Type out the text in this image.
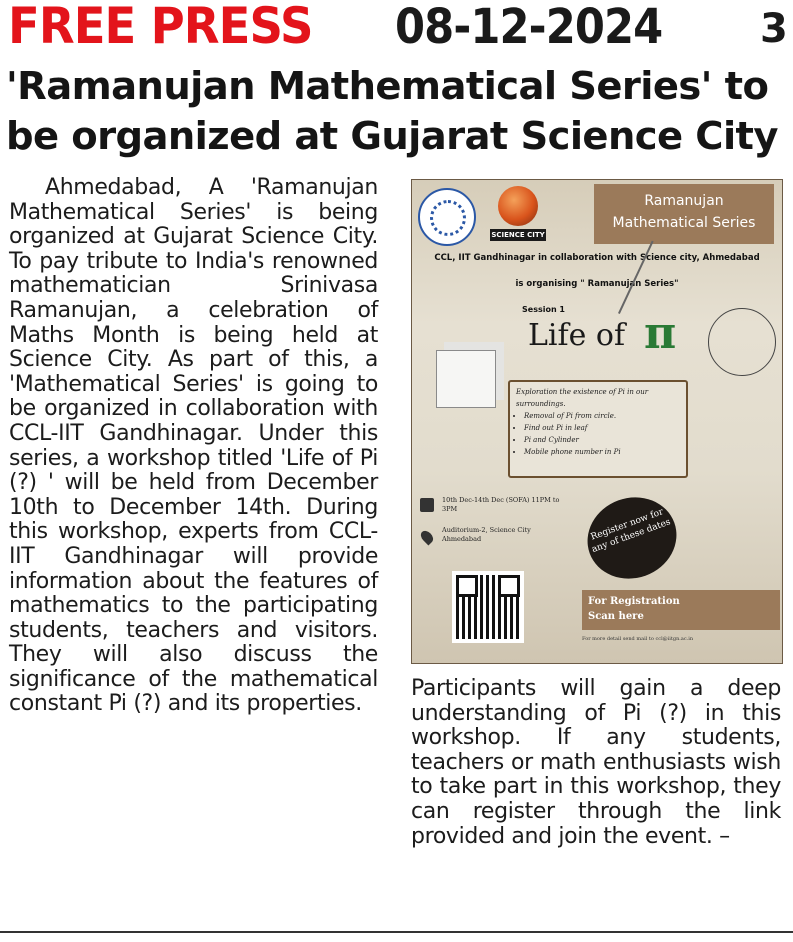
FREE PRESS 08-12-2024 3
'Ramanujan Mathematical Series' to be organized at Gujarat Science City

Ahmedabad, A 'Ramanujan Mathematical Series' is being organized at Gujarat Science City. To pay tribute to India's renowned mathematician Srinivasa Ramanujan, a celebration of Maths Month is being held at Science City. As part of this, a 'Mathematical Series' is going to be organized in collaboration with CCL-IIT Gandhinagar. Under this series, a workshop titled 'Life of Pi (?) ' will be held from December 10th to December 14th. During this workshop, experts from CCL-IIT Gandhinagar will provide information about the features of mathematics to the participating students, teachers and visitors. They will also discuss the significance of the mathematical constant Pi (?) and its properties.

SCIENCE CITY
Ramanujan
Mathematical Series
CCL, IIT Gandhinagar in collaboration with Science city, Ahmedabad
is organising " Ramanujan Series"
Session 1
Life of π
Exploration the existence of Pi in our surroundings.
• Removal of Pi from circle.
• Find out Pi in leaf
• Pi and Cylinder
• Mobile phone number in Pi
10th Dec-14th Dec (SOFA) 11PM to 3PM
Auditorium-2, Science City Ahmedabad	Register now for any of these dates
For Registration
Scan here
For more detail send mail to ccl@iitgn.ac.in

Participants will gain a deep understanding of Pi (?) in this workshop. If any students, teachers or math enthusiasts wish to take part in this workshop, they can register through the link provided and join the event. –
